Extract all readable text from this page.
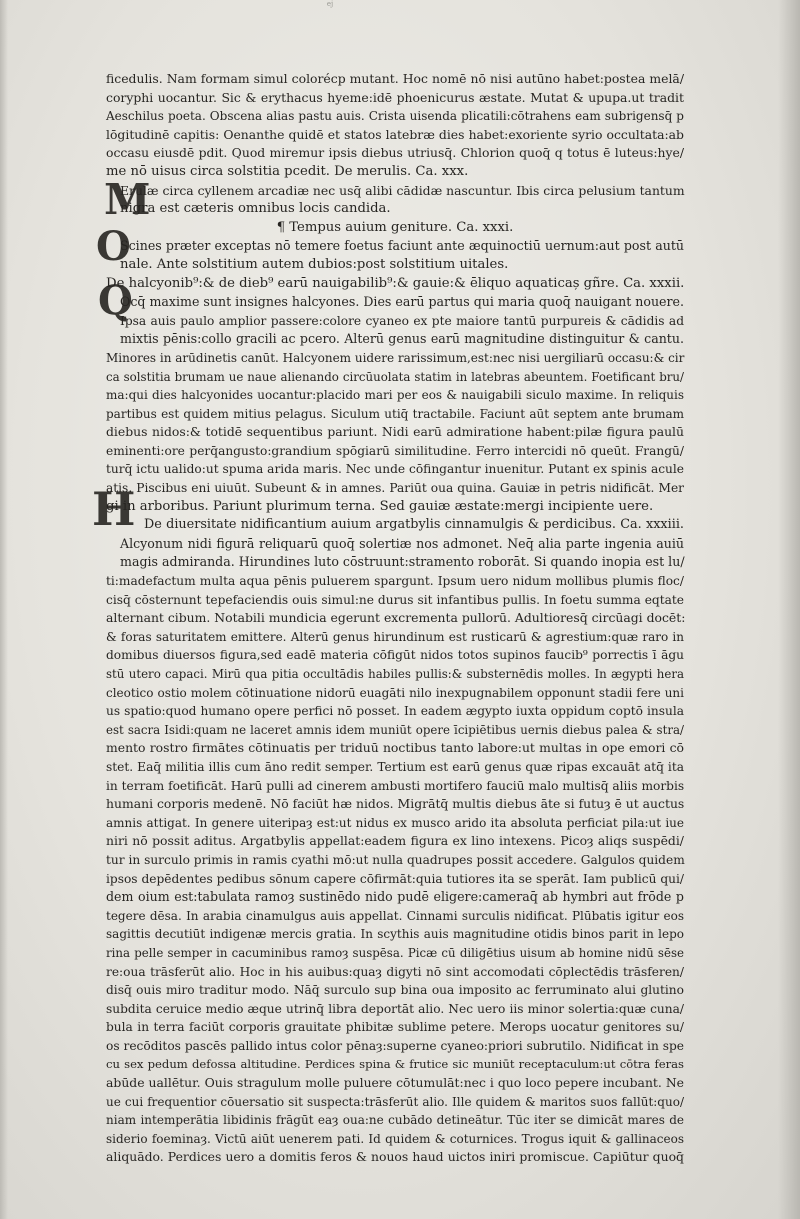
ej
M
O
Q
H
ficedulis. Nam formam simul colorécp mutant. Hoc nomē nō nisi autūno habet:postea melā/
coryphi uocantur. Sic & erythacus hyeme:idē phoenicurus æstate. Mutat & upupa.ut tradit
Aeschilus poeta. Obscena alias pastu auis. Crista uisenda plicatili:cōtrahens eam subrigensq̄ p
lōgitudinē capitis: Oenanthe quidē et statos latebræ dies habet:exoriente syrio occultata:ab
occasu eiusdē pdit. Quod miremur ipsis diebus utriusq̄. Chlorion quoq̄ q totus ē luteus:hye/
me nō uisus circa solstitia pcedit. De merulis. Ca. xxx.
Erulæ circa cyllenem arcadiæ nec usq̄ alibi cādidæ nascuntur. Ibis circa pelusium tantum
nigra est cæteris omnibus locis candida.
¶ Tempus auium geniture. Ca. xxxi.
Scines præter exceptas nō temere foetus faciunt ante æquinoctiū uernum:aut post autū
nale. Ante solstitium autem dubios:post solstitium uitales.
De halcyonib⁹:& de dieb⁹ earū nauigabilib⁹:& gauie:& ēliquo aquaticaș gñre. Ca. xxxii.
Ocq̄ maxime sunt insignes halcyones. Dies earū partus qui maria quoq̄ nauigant nouere.
Ipsa auis paulo amplior passere:colore cyaneo ex pte maiore tantū purpureis & cādidis ad
mixtis pēnis:collo gracili ac pcero. Alterū genus earū magnitudine distinguitur & cantu.
Minores in arūdinetis canūt. Halcyonem uidere rarissimum,est:nec nisi uergiliarū occasu:& cir
ca solstitia brumam ue naue alienando circūuolata statim in latebras abeuntem. Foetificant bru/
ma:qui dies halcyonides uocantur:placido mari per eos & nauigabili siculo maxime. In reliquis
partibus est quidem mitius pelagus. Siculum utiq̄ tractabile. Faciunt aūt septem ante brumam
diebus nidos:& totidē sequentibus pariunt. Nidi earū admiratione habent:pilæ figura paulū
eminenti:ore perq̄angusto:grandium spōgiarū similitudine. Ferro intercidi nō queūt. Frangū/
turq̄ ictu ualido:ut spuma arida maris. Nec unde cōfingantur inuenitur. Putant ex spinis acule
atis. Piscibus eni uiuūt. Subeunt & in amnes. Pariūt oua quina. Gauiæ in petris nidificāt. Mer
gi in arboribus. Pariunt plurimum terna. Sed gauiæ æstate:mergi incipiente uere.
De diuersitate nidificantium auium argatbylis cinnamulgis & perdicibus. Ca. xxxiii.
Alcyonum nidi figurā reliquarū quoq̄ solertiæ nos admonet. Neq̄ alia parte ingenia auiū
magis admiranda. Hirundines luto cōstruunt:stramento roborāt. Si quando inopia est lu/
ti:madefactum multa aqua pēnis puluerem spargunt. Ipsum uero nidum mollibus plumis floc/
cisq̄ cōsternunt tepefaciendis ouis simul:ne durus sit infantibus pullis. In foetu summa eqtate
alternant cibum. Notabili mundicia egerunt excrementa pullorū. Adultioresq̄ circūagi docēt:
& foras saturitatem emittere. Alterū genus hirundinum est rusticarū & agrestium:quæ raro in
domibus diuersos figura,sed eadē materia cōfigūt nidos totos supinos faucib⁹ porrectis ī āgu
stū utero capaci. Mirū qua pitia occultādis habiles pullis:& substernēdis molles. In ægypti hera
cleotico ostio molem cōtinuatione nidorū euagāti nilo inexpugnabilem opponunt stadii fere uni
us spatio:quod humano opere perfici nō posset. In eadem ægypto iuxta oppidum coptō insula
est sacra Isidi:quam ne laceret amnis idem muniūt opere īcipiētibus uernis diebus palea & stra/
mento rostro firmātes cōtinuatis per triduū noctibus tanto labore:ut multas in ope emori cō
stet. Eaq̄ militia illis cum āno redit semper. Tertium est earū genus quæ ripas excauāt atq̄ ita
in terram foetificāt. Harū pulli ad cinerem ambusti mortifero fauciū malo multisq̄ aliis morbis
humani corporis medenē. Nō faciūt hæ nidos. Migrātq̄ multis diebus āte si futuȝ ē ut auctus
amnis attigat. In genere uiteripaȝ est:ut nidus ex musco arido ita absoluta perficiat pila:ut iue
niri nō possit aditus. Argatbylis appellat:eadem figura ex lino intexens. Picoȝ aliqs suspēdi/
tur in surculo primis in ramis cyathi mō:ut nulla quadrupes possit accedere. Galgulos quidem
ipsos depēdentes pedibus sōnum capere cōfirmāt:quia tutiores ita se sperāt. Iam publicū qui/
dem oium est:tabulata ramoȝ sustinēdo nido pudē eligere:cameraq̄ ab hymbri aut frōde p
tegere dēsa. In arabia cinamulgus auis appellat. Cinnami surculis nidificat. Plūbatis igitur eos
sagittis decutiūt indigenæ mercis gratia. In scythis auis magnitudine otidis binos parit in lepo
rina pelle semper in cacuminibus ramoȝ suspēsa. Picæ cū diligētius uisum ab homine nidū sēse
re:oua trāsferūt alio. Hoc in his auibus:quaȝ digyti nō sint accomodati cōplectēdis trāsferen/
disq̄ ouis miro traditur modo. Nāq̄ surculo sup bina oua imposito ac ferruminato alui glutino
subdita ceruice medio æque utrinq̄ libra deportāt alio. Nec uero iis minor solertia:quæ cuna/
bula in terra faciūt corporis grauitate phibitæ sublime petere. Merops uocatur genitores su/
os recōditos pascēs pallido intus color pēnaȝ:superne cyaneo:priori subrutilo. Nidificat in spe
cu sex pedum defossa altitudine. Perdices spina & frutice sic muniūt receptaculum:ut cōtra feras
abūde uallētur. Ouis stragulum molle puluere cōtumulāt:nec i quo loco pepere incubant. Ne
ue cui frequentior cōuersatio sit suspecta:trāsferūt alio. Ille quidem & maritos suos fallūt:quo/
niam intemperātia libidinis frāgūt eaȝ oua:ne cubādo detineātur. Tūc iter se dimicāt mares de
siderio foeminaȝ. Victū aiūt uenerem pati. Id quidem & coturnices. Trogus iquit & gallinaceos
aliquādo. Perdices uero a domitis feros & nouos haud uictos iniri promiscue. Capiūtur quoq̄
